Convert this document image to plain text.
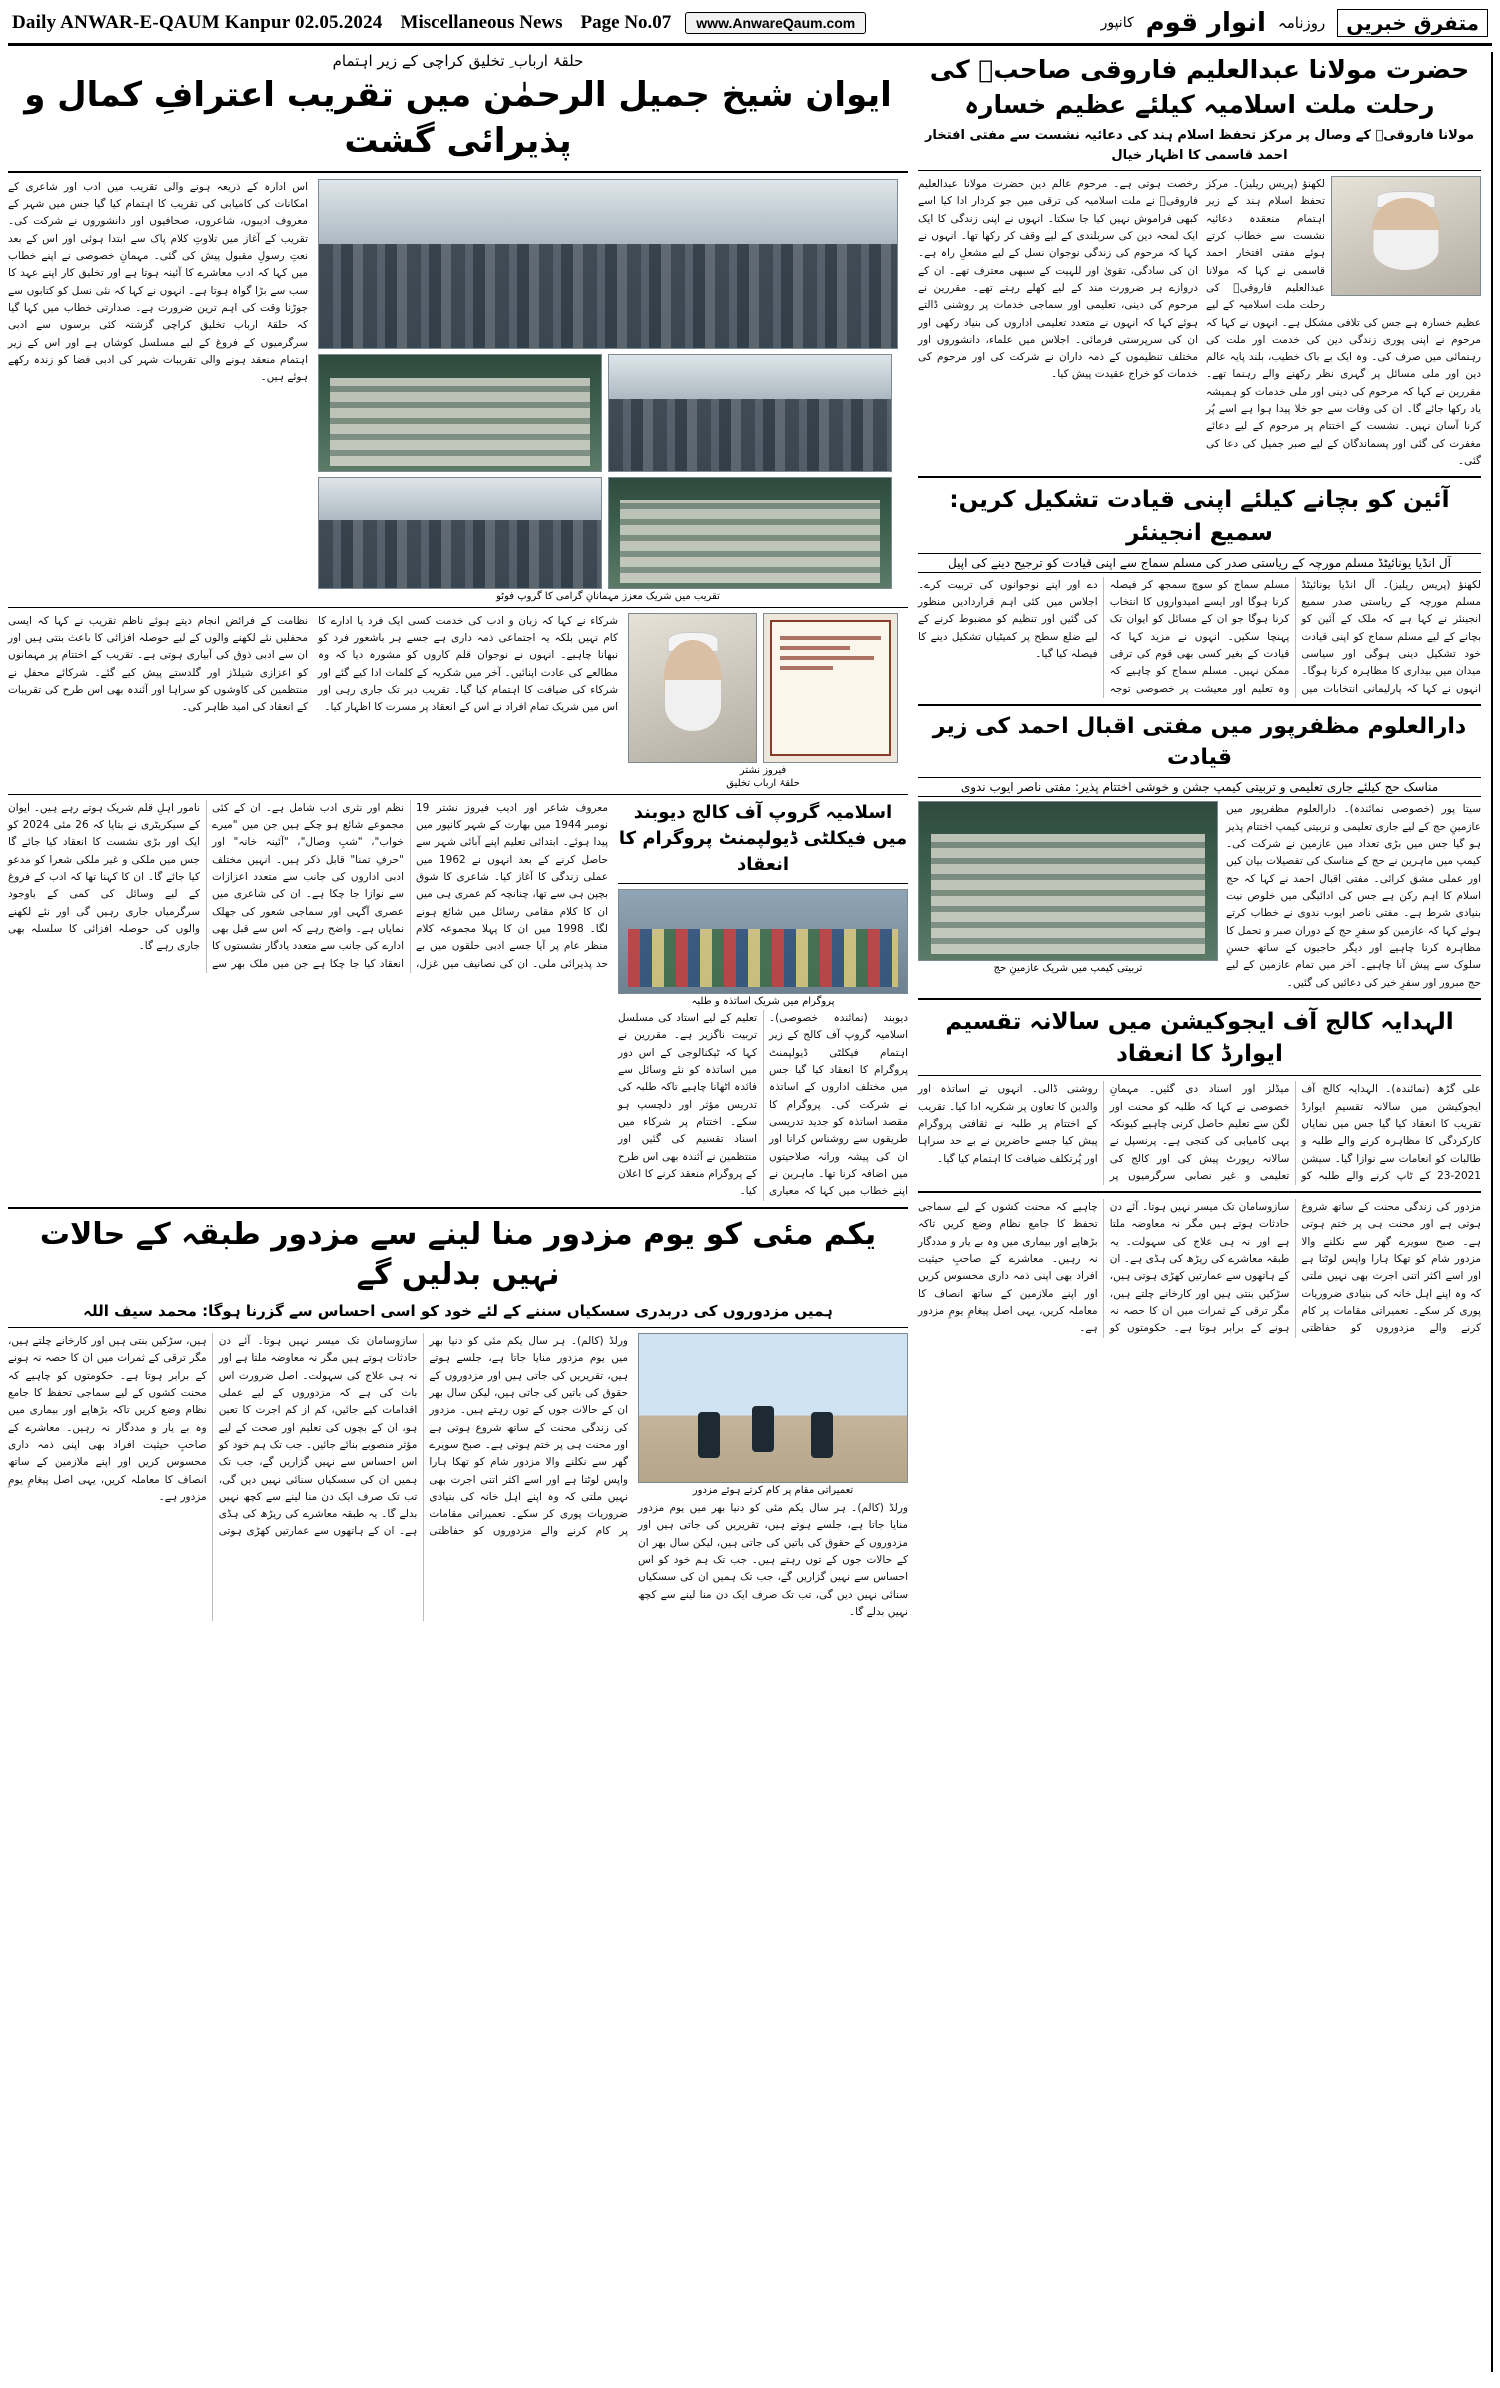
Daily ANWAR-E-QAUM Kanpur 02.05.2024 Miscellaneous News Page No.07	www.AnwareQaum.com	متفرق خبریں
روزنامہ
انوار قوم
کانپور
حلقۂ ارباب ِ تخلیق کراچی کے زیر اہتمام
ایوان شیخ جمیل الرحمٰن میں تقریب اعترافِ کمال و پذیرائی گشت
اس ادارہ کے ذریعہ ہونے والی تقریب میں ادب اور شاعری کے امکانات کی کامیابی کی تقریب کا اہتمام کیا گیا جس میں شہر کے معروف ادیبوں، شاعروں، صحافیوں اور دانشوروں نے شرکت کی۔ تقریب کے آغاز میں تلاوتِ کلام پاک سے ابتدا ہوئی اور اس کے بعد نعتِ رسولِ مقبول پیش کی گئی۔ مہمانِ خصوصی نے اپنے خطاب میں کہا کہ ادب معاشرے کا آئینہ ہوتا ہے اور تخلیق کار اپنے عہد کا سب سے بڑا گواہ ہوتا ہے۔ انہوں نے کہا کہ نئی نسل کو کتابوں سے جوڑنا وقت کی اہم ترین ضرورت ہے۔ صدارتی خطاب میں کہا گیا کہ حلقۂ ارباب تخلیق کراچی گزشتہ کئی برسوں سے ادبی سرگرمیوں کے فروغ کے لیے مسلسل کوشاں ہے اور اس کے زیر اہتمام منعقد ہونے والی تقریبات شہر کی ادبی فضا کو زندہ رکھے ہوئے ہیں۔
تقریب میں شریک معزز مہمانانِ گرامی کا گروپ فوٹو
نظامت کے فرائض انجام دیتے ہوئے ناظم تقریب نے کہا کہ ایسی محفلیں نئے لکھنے والوں کے لیے حوصلہ افزائی کا باعث بنتی ہیں اور ان سے ادبی ذوق کی آبیاری ہوتی ہے۔ تقریب کے اختتام پر مہمانوں کو اعزازی شیلڈز اور گلدستے پیش کیے گئے۔ شرکائے محفل نے منتظمین کی کاوشوں کو سراہا اور آئندہ بھی اس طرح کی تقریبات کے انعقاد کی امید ظاہر کی۔
شرکاء نے کہا کہ زبان و ادب کی خدمت کسی ایک فرد یا ادارے کا کام نہیں بلکہ یہ اجتماعی ذمہ داری ہے جسے ہر باشعور فرد کو نبھانا چاہیے۔ انہوں نے نوجوان قلم کاروں کو مشورہ دیا کہ وہ مطالعے کی عادت اپنائیں۔ آخر میں شکریہ کے کلمات ادا کیے گئے اور شرکاء کی ضیافت کا اہتمام کیا گیا۔ تقریب دیر تک جاری رہی اور اس میں شریک تمام افراد نے اس کے انعقاد پر مسرت کا اظہار کیا۔
فیروز نشتر
حلقۂ ارباب تخلیق
معروف شاعر اور ادیب فیروز نشتر 19 نومبر 1944 میں بھارت کے شہر کانپور میں پیدا ہوئے۔ ابتدائی تعلیم اپنے آبائی شہر سے حاصل کرنے کے بعد انہوں نے 1962 میں عملی زندگی کا آغاز کیا۔ شاعری کا شوق بچپن ہی سے تھا، چنانچہ کم عمری ہی میں ان کا کلام مقامی رسائل میں شائع ہونے لگا۔ 1998 میں ان کا پہلا مجموعہ کلام منظر عام پر آیا جسے ادبی حلقوں میں بے حد پذیرائی ملی۔ ان کی تصانیف میں غزل، نظم اور نثری ادب شامل ہے۔ ان کے کئی مجموعے شائع ہو چکے ہیں جن میں "میرے خواب"، "شبِ وصال"، "آئینہ خانہ" اور "حرفِ تمنا" قابل ذکر ہیں۔ انہیں مختلف ادبی اداروں کی جانب سے متعدد اعزازات سے نوازا جا چکا ہے۔ ان کی شاعری میں عصری آگہی اور سماجی شعور کی جھلک نمایاں ہے۔ واضح رہے کہ اس سے قبل بھی ادارے کی جانب سے متعدد یادگار نشستوں کا انعقاد کیا جا چکا ہے جن میں ملک بھر سے نامور اہلِ قلم شریک ہوتے رہے ہیں۔ ایوان کے سیکریٹری نے بتایا کہ 26 مئی 2024 کو ایک اور بڑی نشست کا انعقاد کیا جائے گا جس میں ملکی و غیر ملکی شعرا کو مدعو کیا جائے گا۔ ان کا کہنا تھا کہ ادب کے فروغ کے لیے وسائل کی کمی کے باوجود سرگرمیاں جاری رہیں گی اور نئے لکھنے والوں کی حوصلہ افزائی کا سلسلہ بھی جاری رہے گا۔
اسلامیہ گروپ آف کالج دیوبند میں فیکلٹی ڈیولپمنٹ پروگرام کا انعقاد
پروگرام میں شریک اساتذہ و طلبہ
دیوبند (نمائندہ خصوصی)۔ اسلامیہ گروپ آف کالج کے زیر اہتمام فیکلٹی ڈیولپمنٹ پروگرام کا انعقاد کیا گیا جس میں مختلف اداروں کے اساتذہ نے شرکت کی۔ پروگرام کا مقصد اساتذہ کو جدید تدریسی طریقوں سے روشناس کرانا اور ان کی پیشہ ورانہ صلاحیتوں میں اضافہ کرنا تھا۔ ماہرین نے اپنے خطاب میں کہا کہ معیاری تعلیم کے لیے استاد کی مسلسل تربیت ناگزیر ہے۔ مقررین نے کہا کہ ٹیکنالوجی کے اس دور میں اساتذہ کو نئے وسائل سے فائدہ اٹھانا چاہیے تاکہ طلبہ کی تدریس مؤثر اور دلچسپ ہو سکے۔ اختتام پر شرکاء میں اسناد تقسیم کی گئیں اور منتظمین نے آئندہ بھی اس طرح کے پروگرام منعقد کرنے کا اعلان کیا۔
یکم مئی کو یوم مزدور منا لینے سے مزدور طبقہ کے حالات نہیں بدلیں گے
ہمیں مزدوروں کی دربدری سسکیاں سننے کے لئے خود کو اسی احساس سے گزرنا ہوگا: محمد سیف اللہ
ورلڈ (کالم)۔ ہر سال یکم مئی کو دنیا بھر میں یوم مزدور منایا جاتا ہے، جلسے ہوتے ہیں، تقریریں کی جاتی ہیں اور مزدوروں کے حقوق کی باتیں کی جاتی ہیں، لیکن سال بھر ان کے حالات جوں کے توں رہتے ہیں۔ مزدور کی زندگی محنت کے ساتھ شروع ہوتی ہے اور محنت ہی پر ختم ہوتی ہے۔ صبح سویرے گھر سے نکلنے والا مزدور شام کو تھکا ہارا واپس لوٹتا ہے اور اسے اکثر اتنی اجرت بھی نہیں ملتی کہ وہ اپنے اہل خانہ کی بنیادی ضروریات پوری کر سکے۔ تعمیراتی مقامات پر کام کرنے والے مزدوروں کو حفاظتی سازوسامان تک میسر نہیں ہوتا۔ آئے دن حادثات ہوتے ہیں مگر نہ معاوضہ ملتا ہے اور نہ ہی علاج کی سہولت۔ اصل ضرورت اس بات کی ہے کہ مزدوروں کے لیے عملی اقدامات کیے جائیں، کم از کم اجرت کا تعین ہو، ان کے بچوں کی تعلیم اور صحت کے لیے مؤثر منصوبے بنائے جائیں۔ جب تک ہم خود کو اس احساس سے نہیں گزاریں گے، جب تک ہمیں ان کی سسکیاں سنائی نہیں دیں گی، تب تک صرف ایک دن منا لینے سے کچھ نہیں بدلے گا۔ یہ طبقہ معاشرے کی ریڑھ کی ہڈی ہے۔ ان کے ہاتھوں سے عمارتیں کھڑی ہوتی ہیں، سڑکیں بنتی ہیں اور کارخانے چلتے ہیں، مگر ترقی کے ثمرات میں ان کا حصہ نہ ہونے کے برابر ہوتا ہے۔ حکومتوں کو چاہیے کہ محنت کشوں کے لیے سماجی تحفظ کا جامع نظام وضع کریں تاکہ بڑھاپے اور بیماری میں وہ بے یار و مددگار نہ رہیں۔ معاشرے کے صاحبِ حیثیت افراد بھی اپنی ذمہ داری محسوس کریں اور اپنے ملازمین کے ساتھ انصاف کا معاملہ کریں، یہی اصل پیغامِ یومِ مزدور ہے۔
تعمیراتی مقام پر کام کرتے ہوئے مزدور
ورلڈ (کالم)۔ ہر سال یکم مئی کو دنیا بھر میں یوم مزدور منایا جاتا ہے، جلسے ہوتے ہیں، تقریریں کی جاتی ہیں اور مزدوروں کے حقوق کی باتیں کی جاتی ہیں، لیکن سال بھر ان کے حالات جوں کے توں رہتے ہیں۔ جب تک ہم خود کو اس احساس سے نہیں گزاریں گے، جب تک ہمیں ان کی سسکیاں سنائی نہیں دیں گی، تب تک صرف ایک دن منا لینے سے کچھ نہیں بدلے گا۔
حضرت مولانا عبدالعلیم فاروقی صاحبؒ کی رحلت ملت اسلامیہ کیلئے عظیم خسارہ
مولانا فاروقیؒ کے وصال پر مرکز تحفظ اسلام ہند کی دعائیہ نشست سے مفتی افتخار احمد قاسمی کا اظہار خیال
رخصت ہوتی ہے۔ مرحوم عالم دین حضرت مولانا عبدالعلیم فاروقیؒ نے ملت اسلامیہ کی ترقی میں جو کردار ادا کیا اسے کبھی فراموش نہیں کیا جا سکتا۔ انہوں نے اپنی زندگی کا ایک ایک لمحہ دین کی سربلندی کے لیے وقف کر رکھا تھا۔ انہوں نے کہا کہ مرحوم کی زندگی نوجوان نسل کے لیے مشعلِ راہ ہے۔ ان کی سادگی، تقویٰ اور للہیت کے سبھی معترف تھے۔ ان کے دروازے ہر ضرورت مند کے لیے کھلے رہتے تھے۔ مقررین نے مرحوم کی دینی، تعلیمی اور سماجی خدمات پر روشنی ڈالتے ہوئے کہا کہ انہوں نے متعدد تعلیمی اداروں کی بنیاد رکھی اور ان کی سرپرستی فرمائی۔ اجلاس میں علماء، دانشوروں اور مختلف تنظیموں کے ذمہ داران نے شرکت کی اور مرحوم کی خدمات کو خراج عقیدت پیش کیا۔
لکھنؤ (پریس ریلیز)۔ مرکز تحفظ اسلام ہند کے زیر اہتمام منعقدہ دعائیہ نشست سے خطاب کرتے ہوئے مفتی افتخار احمد قاسمی نے کہا کہ مولانا عبدالعلیم فاروقیؒ کی رحلت ملت اسلامیہ کے لیے عظیم خسارہ ہے جس کی تلافی مشکل ہے۔ انہوں نے کہا کہ مرحوم نے اپنی پوری زندگی دین کی خدمت اور ملت کی رہنمائی میں صرف کی۔ وہ ایک بے باک خطیب، بلند پایہ عالم دین اور ملی مسائل پر گہری نظر رکھنے والے رہنما تھے۔ مقررین نے کہا کہ مرحوم کی دینی اور ملی خدمات کو ہمیشہ یاد رکھا جائے گا۔ ان کی وفات سے جو خلا پیدا ہوا ہے اسے پُر کرنا آسان نہیں۔ نشست کے اختتام پر مرحوم کے لیے دعائے مغفرت کی گئی اور پسماندگان کے لیے صبر جمیل کی دعا کی گئی۔
آئین کو بچانے کیلئے اپنی قیادت تشکیل کریں: سمیع انجینئر
آل انڈیا یونائیٹڈ مسلم مورچہ کے ریاستی صدر کی مسلم سماج سے اپنی قیادت کو ترجیح دینے کی اپیل
لکھنؤ (پریس ریلیز)۔ آل انڈیا یونائیٹڈ مسلم مورچہ کے ریاستی صدر سمیع انجینئر نے کہا ہے کہ ملک کے آئین کو بچانے کے لیے مسلم سماج کو اپنی قیادت خود تشکیل دینی ہوگی اور سیاسی میدان میں بیداری کا مظاہرہ کرنا ہوگا۔ انہوں نے کہا کہ پارلیمانی انتخابات میں مسلم سماج کو سوچ سمجھ کر فیصلہ کرنا ہوگا اور ایسے امیدواروں کا انتخاب کرنا ہوگا جو ان کے مسائل کو ایوان تک پہنچا سکیں۔ انہوں نے مزید کہا کہ قیادت کے بغیر کسی بھی قوم کی ترقی ممکن نہیں۔ مسلم سماج کو چاہیے کہ وہ تعلیم اور معیشت پر خصوصی توجہ دے اور اپنے نوجوانوں کی تربیت کرے۔ اجلاس میں کئی اہم قراردادیں منظور کی گئیں اور تنظیم کو مضبوط کرنے کے لیے ضلع سطح پر کمیٹیاں تشکیل دینے کا فیصلہ کیا گیا۔
دارالعلوم مظفرپور میں مفتی اقبال احمد کی زیر قیادت
مناسک حج کیلئے جاری تعلیمی و تربیتی کیمپ جشن و خوشی اختتام پذیر: مفتی ناصر ایوب ندوی
تربیتی کیمپ میں شریک عازمینِ حج
سیتا پور (خصوصی نمائندہ)۔ دارالعلوم مظفرپور میں عازمینِ حج کے لیے جاری تعلیمی و تربیتی کیمپ اختتام پذیر ہو گیا جس میں بڑی تعداد میں عازمین نے شرکت کی۔ کیمپ میں ماہرین نے حج کے مناسک کی تفصیلات بیان کیں اور عملی مشق کرائی۔ مفتی اقبال احمد نے کہا کہ حج اسلام کا اہم رکن ہے جس کی ادائیگی میں خلوص نیت بنیادی شرط ہے۔ مفتی ناصر ایوب ندوی نے خطاب کرتے ہوئے کہا کہ عازمین کو سفرِ حج کے دوران صبر و تحمل کا مظاہرہ کرنا چاہیے اور دیگر حاجیوں کے ساتھ حسنِ سلوک سے پیش آنا چاہیے۔ آخر میں تمام عازمین کے لیے حج مبرور اور سفرِ خیر کی دعائیں کی گئیں۔
الہدایہ کالج آف ایجوکیشن میں سالانہ تقسیم ایوارڈ کا انعقاد
علی گڑھ (نمائندہ)۔ الہدایہ کالج آف ایجوکیشن میں سالانہ تقسیمِ ایوارڈ تقریب کا انعقاد کیا گیا جس میں نمایاں کارکردگی کا مظاہرہ کرنے والے طلبہ و طالبات کو انعامات سے نوازا گیا۔ سیشن 2021-23 کے ٹاپ کرنے والے طلبہ کو میڈلز اور اسناد دی گئیں۔ مہمانِ خصوصی نے کہا کہ طلبہ کو محنت اور لگن سے تعلیم حاصل کرنی چاہیے کیونکہ یہی کامیابی کی کنجی ہے۔ پرنسپل نے سالانہ رپورٹ پیش کی اور کالج کی تعلیمی و غیر نصابی سرگرمیوں پر روشنی ڈالی۔ انہوں نے اساتذہ اور والدین کا تعاون پر شکریہ ادا کیا۔ تقریب کے اختتام پر طلبہ نے ثقافتی پروگرام پیش کیا جسے حاضرین نے بے حد سراہا اور پُرتکلف ضیافت کا اہتمام کیا گیا۔
مزدور کی زندگی محنت کے ساتھ شروع ہوتی ہے اور محنت ہی پر ختم ہوتی ہے۔ صبح سویرے گھر سے نکلنے والا مزدور شام کو تھکا ہارا واپس لوٹتا ہے اور اسے اکثر اتنی اجرت بھی نہیں ملتی کہ وہ اپنے اہل خانہ کی بنیادی ضروریات پوری کر سکے۔ تعمیراتی مقامات پر کام کرنے والے مزدوروں کو حفاظتی سازوسامان تک میسر نہیں ہوتا۔ آئے دن حادثات ہوتے ہیں مگر نہ معاوضہ ملتا ہے اور نہ ہی علاج کی سہولت۔ یہ طبقہ معاشرے کی ریڑھ کی ہڈی ہے۔ ان کے ہاتھوں سے عمارتیں کھڑی ہوتی ہیں، سڑکیں بنتی ہیں اور کارخانے چلتے ہیں، مگر ترقی کے ثمرات میں ان کا حصہ نہ ہونے کے برابر ہوتا ہے۔ حکومتوں کو چاہیے کہ محنت کشوں کے لیے سماجی تحفظ کا جامع نظام وضع کریں تاکہ بڑھاپے اور بیماری میں وہ بے یار و مددگار نہ رہیں۔ معاشرے کے صاحبِ حیثیت افراد بھی اپنی ذمہ داری محسوس کریں اور اپنے ملازمین کے ساتھ انصاف کا معاملہ کریں، یہی اصل پیغامِ یومِ مزدور ہے۔
